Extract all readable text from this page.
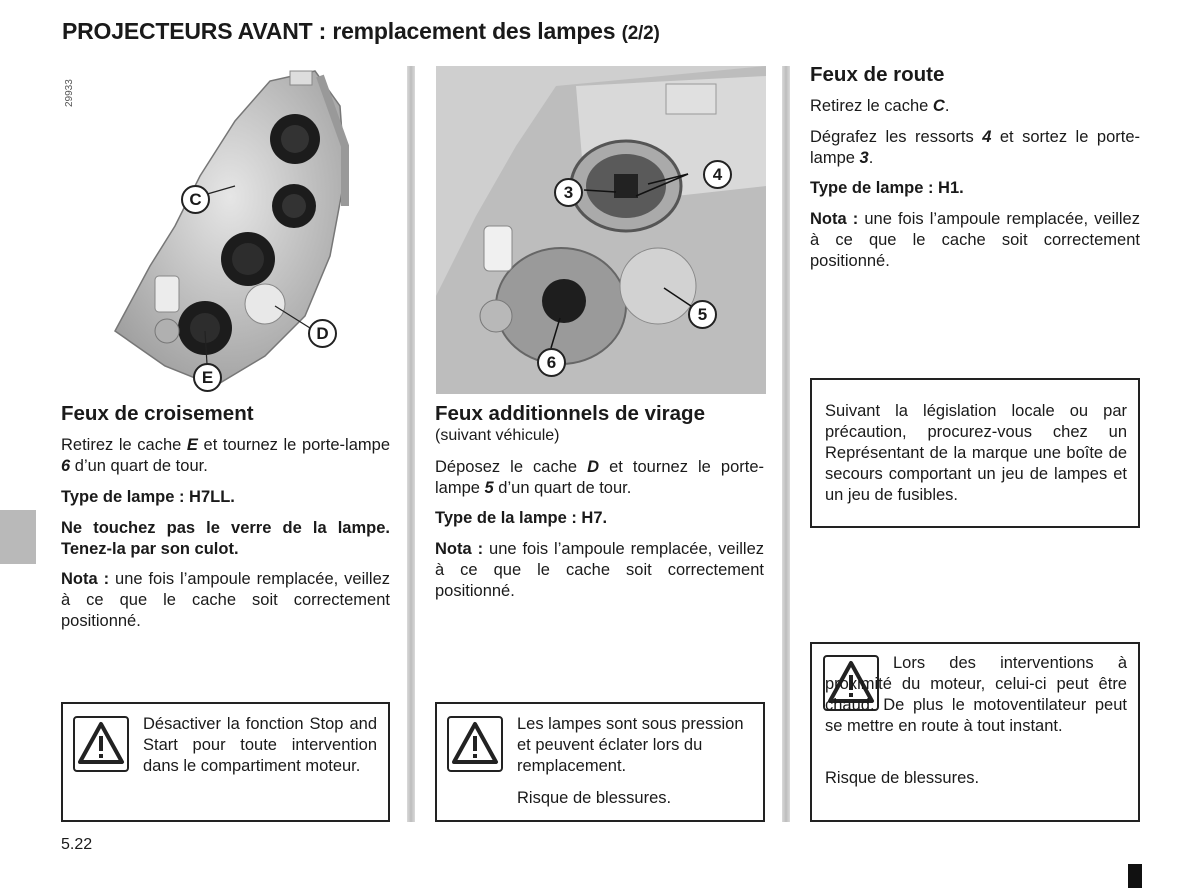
PROJECTEURS AVANT : remplacement des lampes (2/2)
29933
C
D
E
3
4
5
6
Feux de croisement
Retirez le cache E et tournez le porte-lampe 6 d’un quart de tour.
Type de lampe : H7LL.
Ne touchez pas le verre de la lampe. Tenez-la par son culot.
Nota : une fois l’ampoule remplacée, veillez à ce que le cache soit correctement positionné.
Désactiver la fonction Stop and Start pour toute intervention dans le compartiment moteur.
Feux additionnels de virage
(suivant véhicule)
Déposez le cache D et tournez le porte-lampe 5 d’un quart de tour.
Type de la lampe : H7.
Nota : une fois l’ampoule remplacée, veillez à ce que le cache soit correctement positionné.
Les lampes sont sous pression et peuvent éclater lors du remplacement.
Risque de blessures.
Feux de route
Retirez le cache C.
Dégrafez les ressorts 4 et sortez le porte-lampe 3.
Type de lampe : H1.
Nota : une fois l’ampoule remplacée, veillez à ce que le cache soit correctement positionné.
Suivant la législation locale ou par précaution, procurez-vous chez un Représentant de la marque une boîte de secours comportant un jeu de lampes et un jeu de fusibles.
Lors des interventions à proximité du moteur, celui-ci peut être chaud. De plus le motoventilateur peut se mettre en route à tout instant.
Risque de blessures.
5.22
